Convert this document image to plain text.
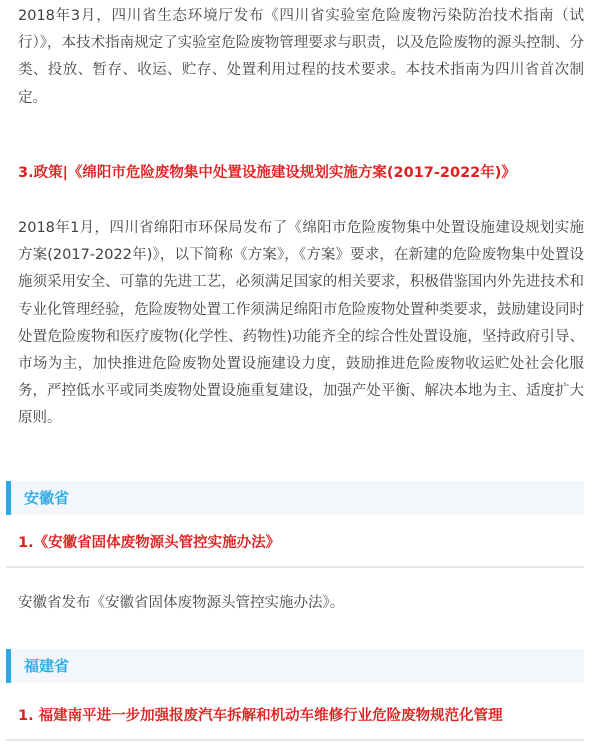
2018年3月，四川省生态环境厅发布《四川省实验室危险废物污染防治技术指南（试行）》，本技术指南规定了实验室危险废物管理要求与职责，以及危险废物的源头控制、分类、投放、暂存、收运、贮存、处置利用过程的技术要求。本技术指南为四川省首次制定。

3.政策|《绵阳市危险废物集中处置设施建设规划实施方案(2017-2022年)》

2018年1月，四川省绵阳市环保局发布了《绵阳市危险废物集中处置设施建设规划实施方案(2017-2022年)》，以下简称《方案》，《方案》要求，在新建的危险废物集中处置设施须采用安全、可靠的先进工艺，必须满足国家的相关要求，积极借鉴国内外先进技术和专业化管理经验，危险废物处置工作须满足绵阳市危险废物处置种类要求，鼓励建设同时处置危险废物和医疗废物(化学性、药物性)功能齐全的综合性处置设施，坚持政府引导、市场为主，加快推进危险废物处置设施建设力度，鼓励推进危险废物收运贮处社会化服务，严控低水平或同类废物处置设施重复建设，加强产处平衡、解决本地为主、适度扩大原则。

安徽省
1.《安徽省固体废物源头管控实施办法》

安徽省发布《安徽省固体废物源头管控实施办法》。

福建省
1. 福建南平进一步加强报废汽车拆解和机动车维修行业危险废物规范化管理
